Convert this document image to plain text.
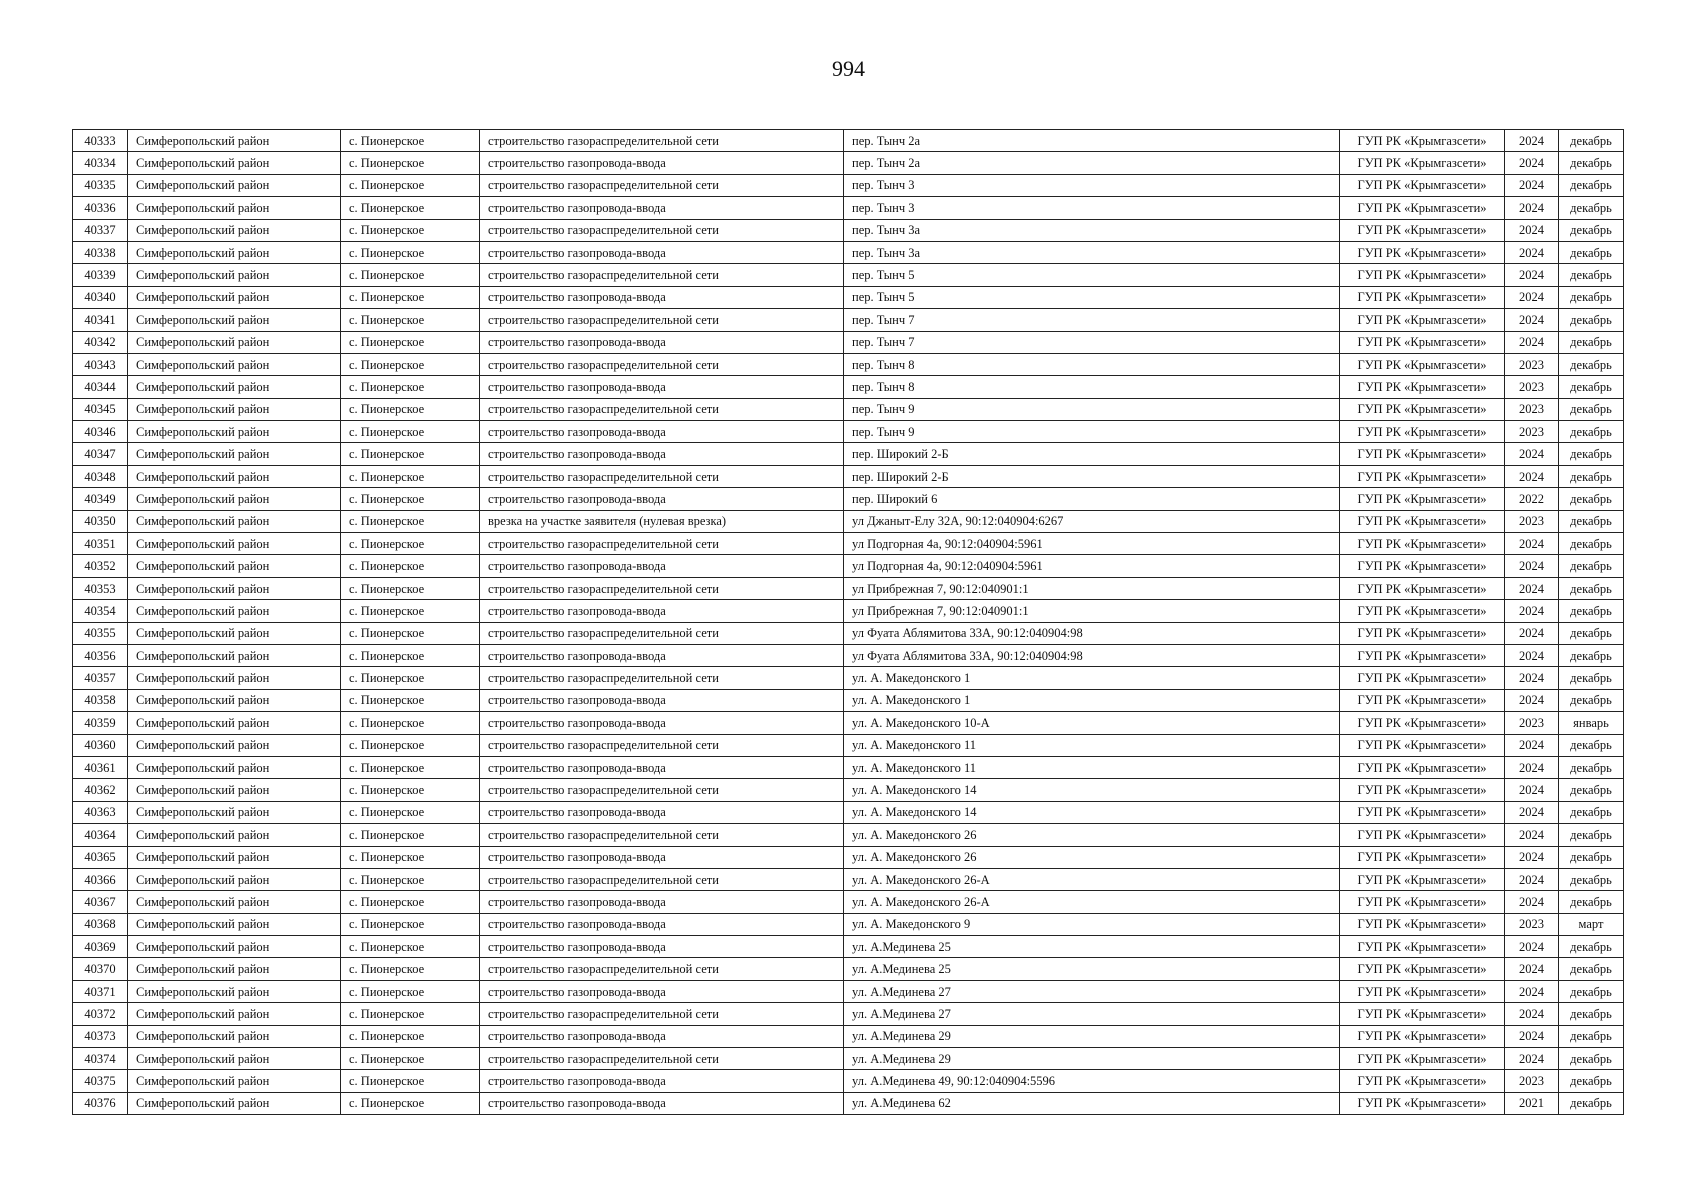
994
40333	Симферопольский район	с. Пионерское	строительство газораспределительной сети	пер. Тынч 2а	ГУП РК «Крымгазсети»	2024	декабрь
40334	Симферопольский район	с. Пионерское	строительство газопровода-ввода	пер. Тынч 2а	ГУП РК «Крымгазсети»	2024	декабрь
40335	Симферопольский район	с. Пионерское	строительство газораспределительной сети	пер. Тынч 3	ГУП РК «Крымгазсети»	2024	декабрь
40336	Симферопольский район	с. Пионерское	строительство газопровода-ввода	пер. Тынч 3	ГУП РК «Крымгазсети»	2024	декабрь
40337	Симферопольский район	с. Пионерское	строительство газораспределительной сети	пер. Тынч 3а	ГУП РК «Крымгазсети»	2024	декабрь
40338	Симферопольский район	с. Пионерское	строительство газопровода-ввода	пер. Тынч 3а	ГУП РК «Крымгазсети»	2024	декабрь
40339	Симферопольский район	с. Пионерское	строительство газораспределительной сети	пер. Тынч 5	ГУП РК «Крымгазсети»	2024	декабрь
40340	Симферопольский район	с. Пионерское	строительство газопровода-ввода	пер. Тынч 5	ГУП РК «Крымгазсети»	2024	декабрь
40341	Симферопольский район	с. Пионерское	строительство газораспределительной сети	пер. Тынч 7	ГУП РК «Крымгазсети»	2024	декабрь
40342	Симферопольский район	с. Пионерское	строительство газопровода-ввода	пер. Тынч 7	ГУП РК «Крымгазсети»	2024	декабрь
40343	Симферопольский район	с. Пионерское	строительство газораспределительной сети	пер. Тынч 8	ГУП РК «Крымгазсети»	2023	декабрь
40344	Симферопольский район	с. Пионерское	строительство газопровода-ввода	пер. Тынч 8	ГУП РК «Крымгазсети»	2023	декабрь
40345	Симферопольский район	с. Пионерское	строительство газораспределительной сети	пер. Тынч 9	ГУП РК «Крымгазсети»	2023	декабрь
40346	Симферопольский район	с. Пионерское	строительство газопровода-ввода	пер. Тынч 9	ГУП РК «Крымгазсети»	2023	декабрь
40347	Симферопольский район	с. Пионерское	строительство газопровода-ввода	пер. Широкий 2-Б	ГУП РК «Крымгазсети»	2024	декабрь
40348	Симферопольский район	с. Пионерское	строительство газораспределительной сети	пер. Широкий 2-Б	ГУП РК «Крымгазсети»	2024	декабрь
40349	Симферопольский район	с. Пионерское	строительство газопровода-ввода	пер. Широкий 6	ГУП РК «Крымгазсети»	2022	декабрь
40350	Симферопольский район	с. Пионерское	врезка на участке заявителя (нулевая врезка)	ул Джаныт-Елу 32А, 90:12:040904:6267	ГУП РК «Крымгазсети»	2023	декабрь
40351	Симферопольский район	с. Пионерское	строительство газораспределительной сети	ул Подгорная 4а, 90:12:040904:5961	ГУП РК «Крымгазсети»	2024	декабрь
40352	Симферопольский район	с. Пионерское	строительство газопровода-ввода	ул Подгорная 4а, 90:12:040904:5961	ГУП РК «Крымгазсети»	2024	декабрь
40353	Симферопольский район	с. Пионерское	строительство газораспределительной сети	ул Прибрежная 7, 90:12:040901:1	ГУП РК «Крымгазсети»	2024	декабрь
40354	Симферопольский район	с. Пионерское	строительство газопровода-ввода	ул Прибрежная 7, 90:12:040901:1	ГУП РК «Крымгазсети»	2024	декабрь
40355	Симферопольский район	с. Пионерское	строительство газораспределительной сети	ул Фуата Аблямитова 33А, 90:12:040904:98	ГУП РК «Крымгазсети»	2024	декабрь
40356	Симферопольский район	с. Пионерское	строительство газопровода-ввода	ул Фуата Аблямитова 33А, 90:12:040904:98	ГУП РК «Крымгазсети»	2024	декабрь
40357	Симферопольский район	с. Пионерское	строительство газораспределительной сети	ул. А. Македонского 1	ГУП РК «Крымгазсети»	2024	декабрь
40358	Симферопольский район	с. Пионерское	строительство газопровода-ввода	ул. А. Македонского 1	ГУП РК «Крымгазсети»	2024	декабрь
40359	Симферопольский район	с. Пионерское	строительство газопровода-ввода	ул. А. Македонского 10-А	ГУП РК «Крымгазсети»	2023	январь
40360	Симферопольский район	с. Пионерское	строительство газораспределительной сети	ул. А. Македонского 11	ГУП РК «Крымгазсети»	2024	декабрь
40361	Симферопольский район	с. Пионерское	строительство газопровода-ввода	ул. А. Македонского 11	ГУП РК «Крымгазсети»	2024	декабрь
40362	Симферопольский район	с. Пионерское	строительство газораспределительной сети	ул. А. Македонского 14	ГУП РК «Крымгазсети»	2024	декабрь
40363	Симферопольский район	с. Пионерское	строительство газопровода-ввода	ул. А. Македонского 14	ГУП РК «Крымгазсети»	2024	декабрь
40364	Симферопольский район	с. Пионерское	строительство газораспределительной сети	ул. А. Македонского 26	ГУП РК «Крымгазсети»	2024	декабрь
40365	Симферопольский район	с. Пионерское	строительство газопровода-ввода	ул. А. Македонского 26	ГУП РК «Крымгазсети»	2024	декабрь
40366	Симферопольский район	с. Пионерское	строительство газораспределительной сети	ул. А. Македонского 26-А	ГУП РК «Крымгазсети»	2024	декабрь
40367	Симферопольский район	с. Пионерское	строительство газопровода-ввода	ул. А. Македонского 26-А	ГУП РК «Крымгазсети»	2024	декабрь
40368	Симферопольский район	с. Пионерское	строительство газопровода-ввода	ул. А. Македонского 9	ГУП РК «Крымгазсети»	2023	март
40369	Симферопольский район	с. Пионерское	строительство газопровода-ввода	ул. А.Мединева 25	ГУП РК «Крымгазсети»	2024	декабрь
40370	Симферопольский район	с. Пионерское	строительство газораспределительной сети	ул. А.Мединева 25	ГУП РК «Крымгазсети»	2024	декабрь
40371	Симферопольский район	с. Пионерское	строительство газопровода-ввода	ул. А.Мединева 27	ГУП РК «Крымгазсети»	2024	декабрь
40372	Симферопольский район	с. Пионерское	строительство газораспределительной сети	ул. А.Мединева 27	ГУП РК «Крымгазсети»	2024	декабрь
40373	Симферопольский район	с. Пионерское	строительство газопровода-ввода	ул. А.Мединева 29	ГУП РК «Крымгазсети»	2024	декабрь
40374	Симферопольский район	с. Пионерское	строительство газораспределительной сети	ул. А.Мединева 29	ГУП РК «Крымгазсети»	2024	декабрь
40375	Симферопольский район	с. Пионерское	строительство газопровода-ввода	ул. А.Мединева 49, 90:12:040904:5596	ГУП РК «Крымгазсети»	2023	декабрь
40376	Симферопольский район	с. Пионерское	строительство газопровода-ввода	ул. А.Мединева 62	ГУП РК «Крымгазсети»	2021	декабрь
